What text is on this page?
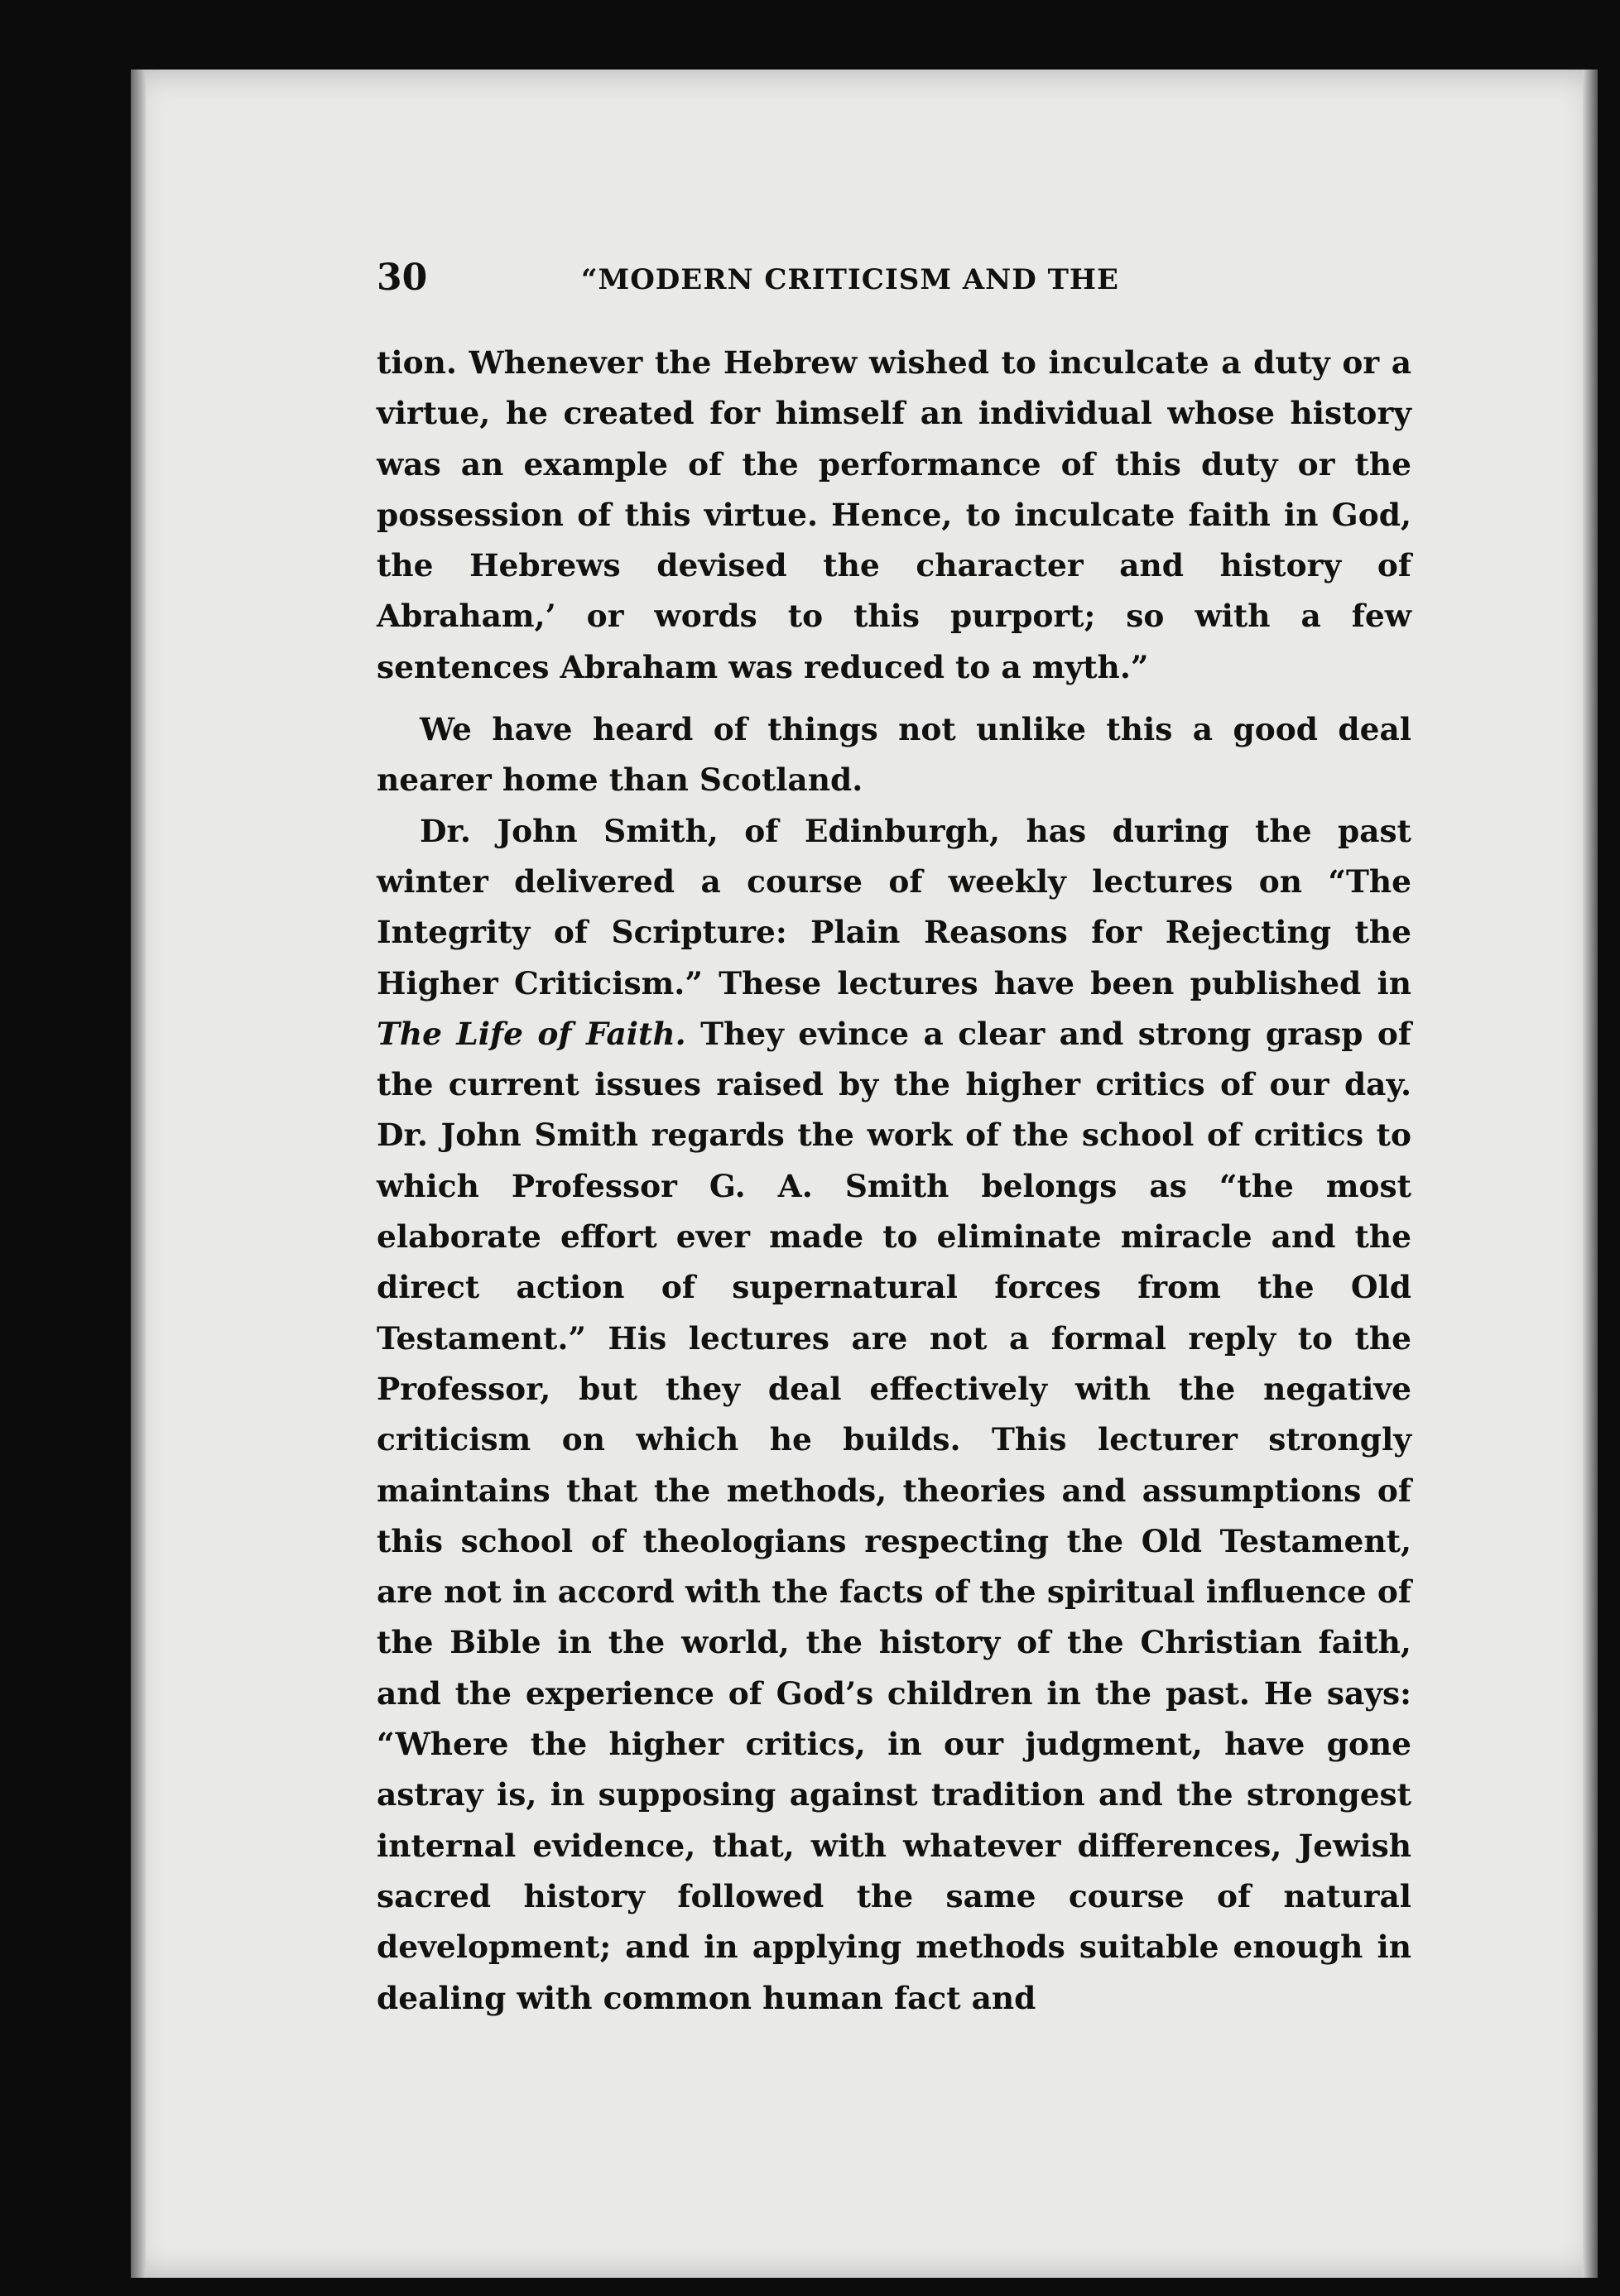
30	“MODERN CRITICISM AND THE

tion. Whenever the Hebrew wished to inculcate a duty or a virtue, he created for himself an individual whose history was an example of the performance of this duty or the possession of this virtue. Hence, to inculcate faith in God, the Hebrews devised the character and history of Abraham,’ or words to this purport; so with a few sentences Abraham was reduced to a myth.”

We have heard of things not unlike this a good deal nearer home than Scotland.

Dr. John Smith, of Edinburgh, has during the past winter delivered a course of weekly lectures on “The Integrity of Scripture: Plain Reasons for Rejecting the Higher Criticism.” These lectures have been published in The Life of Faith. They evince a clear and strong grasp of the current issues raised by the higher critics of our day. Dr. John Smith regards the work of the school of critics to which Professor G. A. Smith belongs as “the most elaborate effort ever made to eliminate miracle and the direct action of supernatural forces from the Old Testament.” His lectures are not a formal reply to the Professor, but they deal effectively with the negative criticism on which he builds. This lecturer strongly maintains that the methods, theories and assumptions of this school of theologians respecting the Old Testament, are not in accord with the facts of the spiritual influence of the Bible in the world, the history of the Christian faith, and the experience of God’s children in the past. He says: “Where the higher critics, in our judgment, have gone astray is, in supposing against tradition and the strongest internal evidence, that, with whatever differences, Jewish sacred history followed the same course of natural development; and in applying methods suitable enough in dealing with common human fact and
